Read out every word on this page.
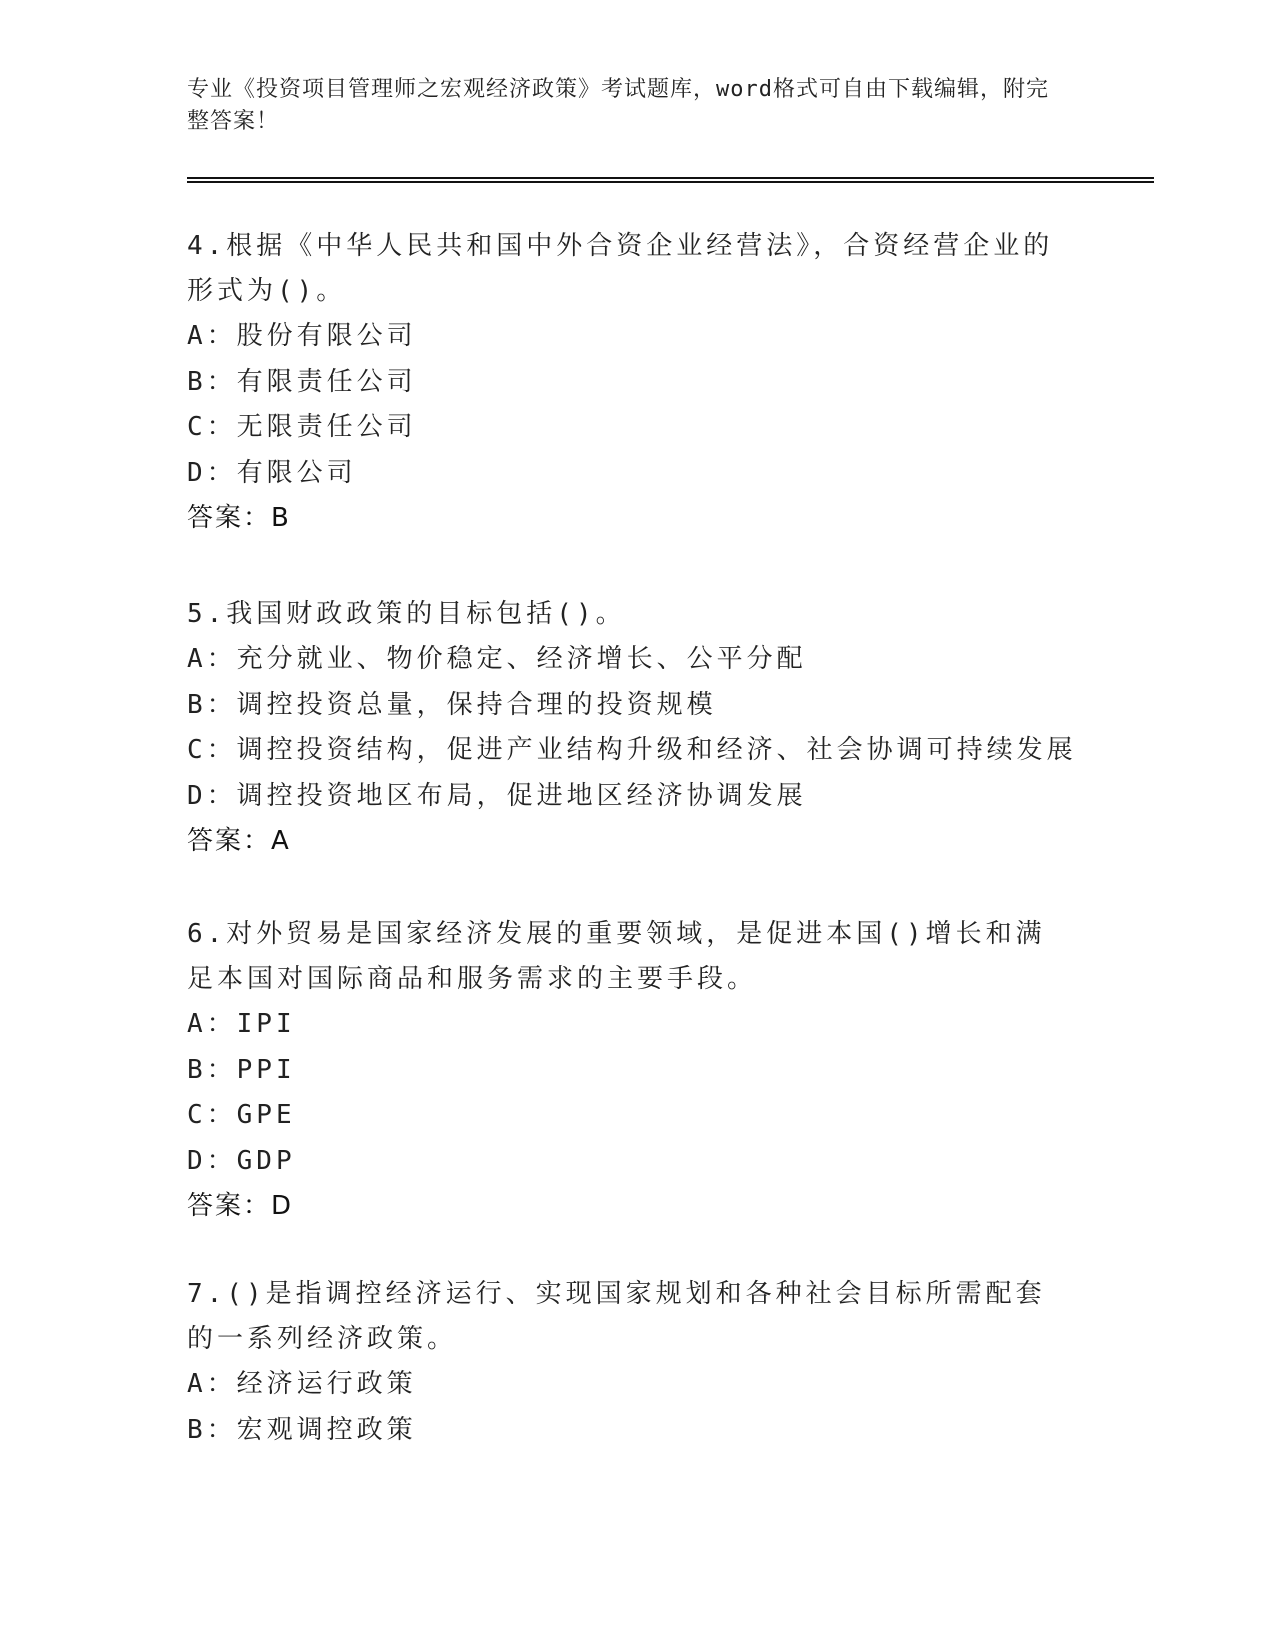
专业《投资项目管理师之宏观经济政策》考试题库，word格式可自由下载编辑，附完整答案！

4.根据《中华人民共和国中外合资企业经营法》，合资经营企业的形式为()。

A：股份有限公司

B：有限责任公司

C：无限责任公司

D：有限公司

答案：B

5.我国财政政策的目标包括()。

A：充分就业、物价稳定、经济增长、公平分配

B：调控投资总量，保持合理的投资规模

C：调控投资结构，促进产业结构升级和经济、社会协调可持续发展

D：调控投资地区布局，促进地区经济协调发展

答案：A

6.对外贸易是国家经济发展的重要领域，是促进本国()增长和满足本国对国际商品和服务需求的主要手段。

A：IPI

B：PPI

C：GPE

D：GDP

答案：D

7.()是指调控经济运行、实现国家规划和各种社会目标所需配套的一系列经济政策。

A：经济运行政策

B：宏观调控政策
